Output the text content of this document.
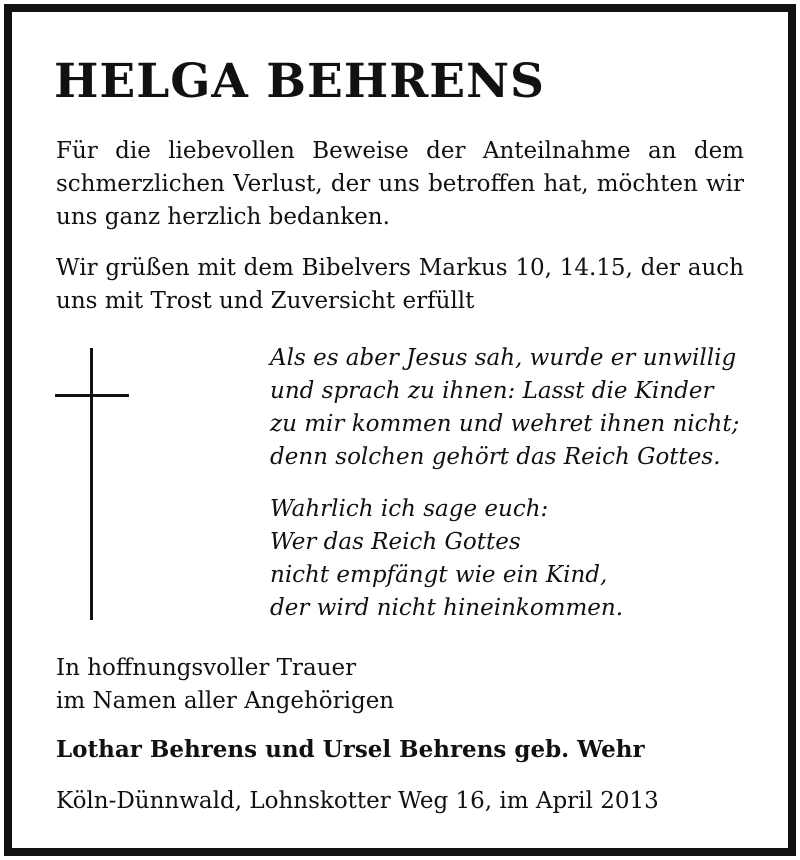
HELGA BEHRENS

Für die liebevollen Beweise der Anteilnahme an dem
schmerzlichen Verlust, der uns betroffen hat, möchten wir
uns ganz herzlich bedanken.

Wir grüßen mit dem Bibelvers Markus 10, 14.15, der auch
uns mit Trost und Zuversicht erfüllt

Als es aber Jesus sah, wurde er unwillig
und sprach zu ihnen: Lasst die Kinder
zu mir kommen und wehret ihnen nicht;
denn solchen gehört das Reich Gottes.

Wahrlich ich sage euch:
Wer das Reich Gottes
nicht empfängt wie ein Kind,
der wird nicht hineinkommen.

In hoffnungsvoller Trauer
im Namen aller Angehörigen

Lothar Behrens und Ursel Behrens geb. Wehr

Köln-Dünnwald, Lohnskotter Weg 16, im April 2013
